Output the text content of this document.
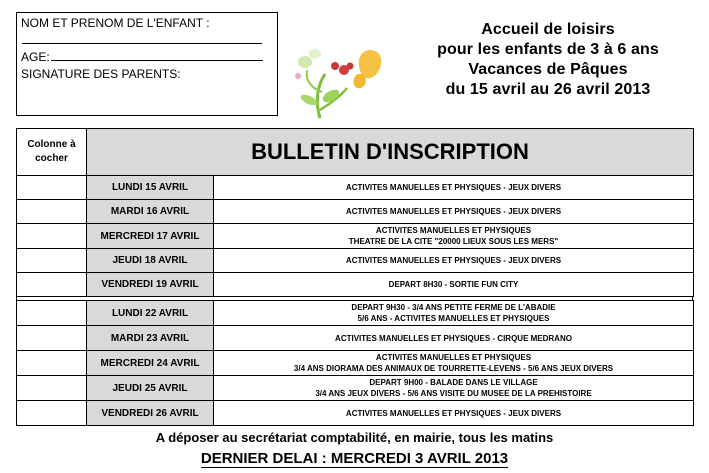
NOM ET PRENOM DE L'ENFANT :
AGE:
SIGNATURE DES PARENTS:
Accueil de loisirs
pour les enfants de 3 à 6 ans
Vacances de Pâques
du 15 avril au 26 avril 2013
Colonne à cocher	BULLETIN D'INSCRIPTION	
	LUNDI 15 AVRIL	ACTIVITES MANUELLES ET PHYSIQUES - JEUX DIVERS

	MARDI 16 AVRIL	ACTIVITES MANUELLES ET PHYSIQUES - JEUX DIVERS

	MERCREDI 17 AVRIL	ACTIVITES MANUELLES ET PHYSIQUES
THEATRE DE LA CITE "20000 LIEUX SOUS LES MERS"

	JEUDI 18 AVRIL	ACTIVITES MANUELLES ET PHYSIQUES - JEUX DIVERS

	VENDREDI 19 AVRIL	DEPART 8H30 - SORTIE FUN CITY
	LUNDI 22 AVRIL	DEPART 9H30 - 3/4 ANS PETITE FERME DE L'ABADIE
5/6 ANS - ACTIVITES MANUELLES ET PHYSIQUES

	MARDI 23 AVRIL	ACTIVITES MANUELLES ET PHYSIQUES - CIRQUE MEDRANO

	MERCREDI 24 AVRIL	ACTIVITES MANUELLES ET PHYSIQUES
3/4 ANS DIORAMA DES ANIMAUX DE TOURRETTE-LEVENS - 5/6 ANS JEUX DIVERS

	JEUDI 25 AVRIL	DEPART 9H00 - BALADE DANS LE VILLAGE
3/4 ANS JEUX DIVERS - 5/6 ANS VISITE DU MUSEE DE LA PREHISTOIRE

	VENDREDI 26 AVRIL	ACTIVITES MANUELLES ET PHYSIQUES - JEUX DIVERS
A déposer au secrétariat comptabilité, en mairie, tous les matins
DERNIER DELAI : MERCREDI 3 AVRIL 2013
